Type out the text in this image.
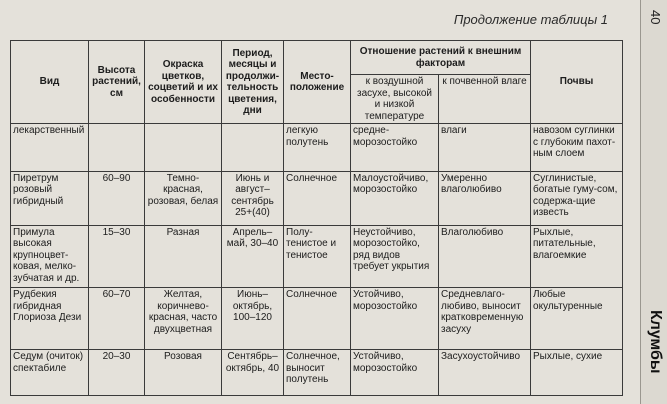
Продолжение таблицы 1	40
Клумбы
Вид	Высота растений, см	Окраска цветков, соцветий и их особенности	Период, месяцы и продолжи-тельность цветения, дни	Место-положение	Отношение растений к внешним факторам		Почвы
					к воздушной засухе, высокой и низкой температуре	к почвенной влаге	
лекарственный				легкую полутень	средне-морозостойко	влаги	навозом суглинки с глубоким пахот-ным слоем
Пиретрум розовый гибридный	60–90	Темно-красная, розовая, белая	Июнь и август–сентябрь 25+(40)	Солнечное	Малоустойчиво, морозостойко	Умеренно влаголюбиво	Суглинистые, богатые гуму-сом, содержа-щие известь
Примула высокая крупноцвет-ковая, мелко-зубчатая и др.	15–30	Разная	Апрель–май, 30–40	Полу-тенистое и тенистое	Неустойчиво, морозостойко, ряд видов требует укрытия	Влаголюбиво	Рыхлые, питательные, влагоемкие
Рудбекия гибридная Глориоза Дези	60–70	Желтая, коричнево-красная, часто двухцветная	Июнь–октябрь, 100–120	Солнечное	Устойчиво, морозостойко	Средневлаго-любиво, выносит кратковременную засуху	Любые окультуренные
Седум (очиток) спектабиле	20–30	Розовая	Сентябрь–октябрь, 40	Солнечное, выносит полутень	Устойчиво, морозостойко	Засухоустойчиво	Рыхлые, сухие
